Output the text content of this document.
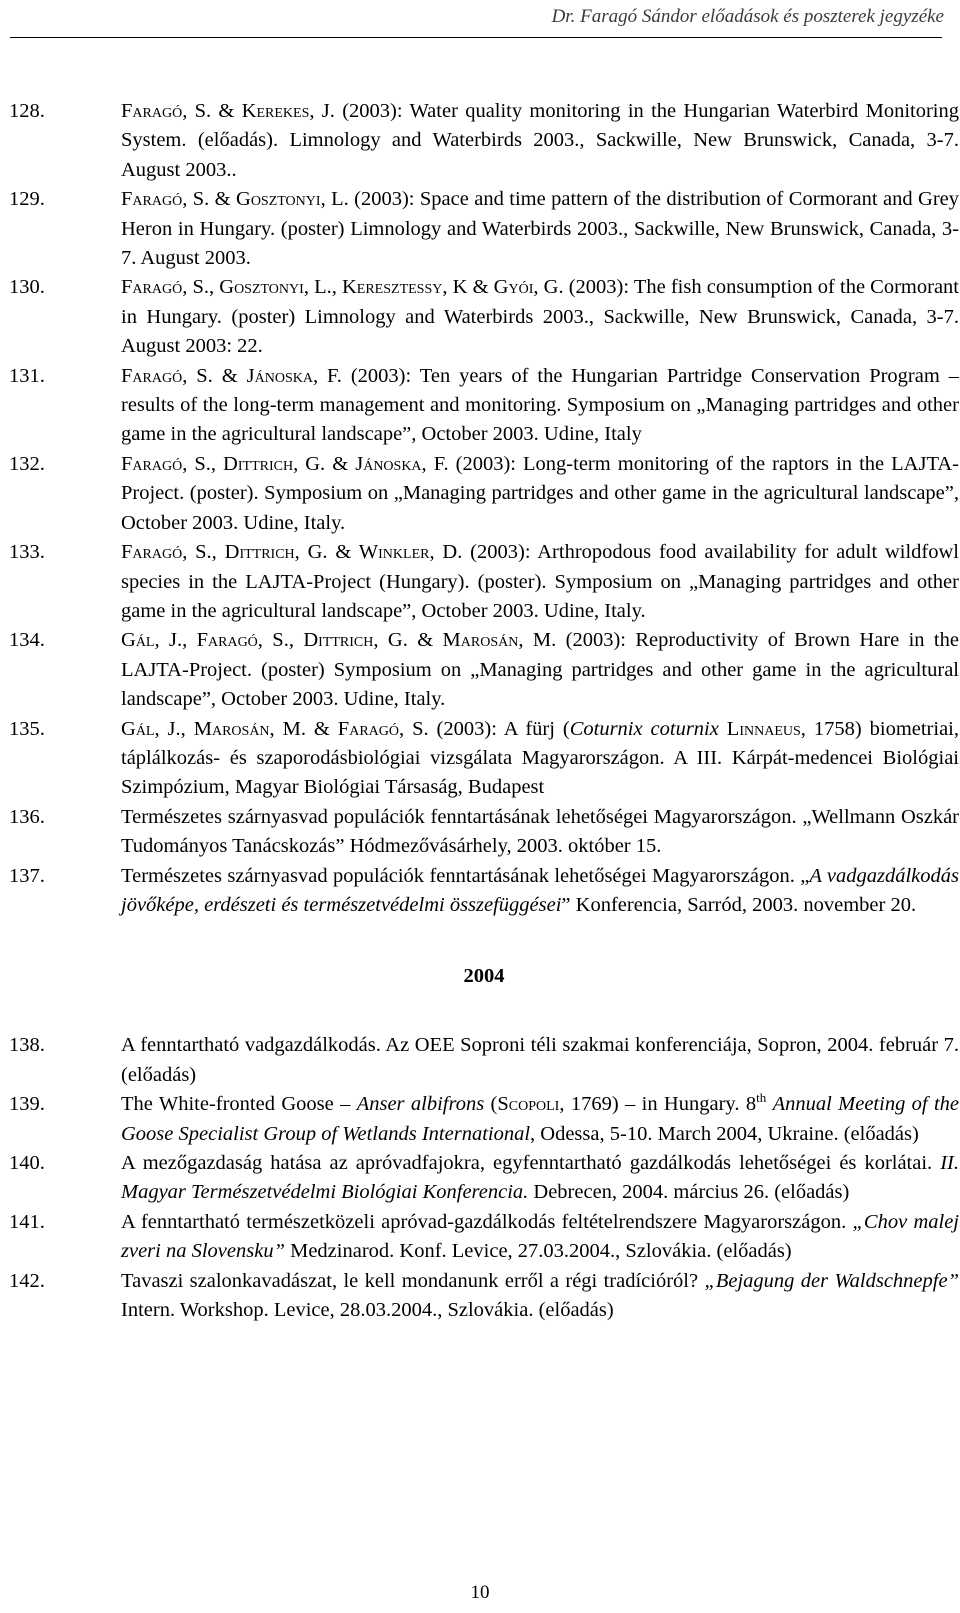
Dr. Faragó Sándor előadások és poszterek jegyzéke
128.	Faragó, S. & Kerekes, J. (2003): Water quality monitoring in the Hungarian Waterbird Monitoring System. (előadás). Limnology and Waterbirds 2003., Sackwille, New Brunswick, Canada, 3-7. August 2003..
129.	Faragó, S. & Gosztonyi, L. (2003): Space and time pattern of the distribution of Cormorant and Grey Heron in Hungary. (poster) Limnology and Waterbirds 2003., Sackwille, New Brunswick, Canada, 3-7. August 2003.
130.	Faragó, S., Gosztonyi, L., Keresztessy, K & Gyói, G. (2003): The fish consumption of the Cormorant in Hungary. (poster) Limnology and Waterbirds 2003., Sackwille, New Brunswick, Canada, 3-7. August 2003: 22.
131.	Faragó, S. & Jánoska, F. (2003): Ten years of the Hungarian Partridge Conservation Program – results of the long-term management and monitoring. Symposium on „Managing partridges and other game in the agricultural landscape”, October 2003. Udine, Italy
132.	Faragó, S., Dittrich, G. & Jánoska, F. (2003): Long-term monitoring of the raptors in the LAJTA-Project. (poster). Symposium on „Managing partridges and other game in the agricultural landscape”, October 2003. Udine, Italy.
133.	Faragó, S., Dittrich, G. & Winkler, D. (2003): Arthropodous food availability for adult wildfowl species in the LAJTA-Project (Hungary). (poster). Symposium on „Managing partridges and other game in the agricultural landscape”, October 2003. Udine, Italy.
134.	Gál, J., Faragó, S., Dittrich, G. & Marosán, M. (2003): Reproductivity of Brown Hare in the LAJTA-Project. (poster) Symposium on „Managing partridges and other game in the agricultural landscape”, October 2003. Udine, Italy.
135.	Gál, J., Marosán, M. & Faragó, S. (2003): A fürj (Coturnix coturnix Linnaeus, 1758) biometriai, táplálkozás- és szaporodásbiológiai vizsgálata Magyarországon. A III. Kárpát-medencei Biológiai Szimpózium, Magyar Biológiai Társaság, Budapest
136.	Természetes szárnyasvad populációk fenntartásának lehetőségei Magyarországon. „Wellmann Oszkár Tudományos Tanácskozás” Hódmezővásárhely, 2003. október 15.
137.	Természetes szárnyasvad populációk fenntartásának lehetőségei Magyarországon. „A vadgazdálkodás jövőképe, erdészeti és természetvédelmi összefüggései” Konferencia, Sarród, 2003. november 20.
2004
138.	A fenntartható vadgazdálkodás. Az OEE Soproni téli szakmai konferenciája, Sopron, 2004. február 7. (előadás)
139.	The White-fronted Goose – Anser albifrons (Scopoli, 1769) – in Hungary. 8th Annual Meeting of the Goose Specialist Group of Wetlands International, Odessa, 5-10. March 2004, Ukraine. (előadás)
140.	A mezőgazdaság hatása az apróvadfajokra, egyfenntartható gazdálkodás lehetőségei és korlátai. II. Magyar Természetvédelmi Biológiai Konferencia. Debrecen, 2004. március 26. (előadás)
141.	A fenntartható természetközeli apróvad-gazdálkodás feltételrendszere Magyarországon. „Chov malej zveri na Slovensku” Medzinarod. Konf. Levice, 27.03.2004., Szlovákia. (előadás)
142.	Tavaszi szalonkavadászat, le kell mondanunk erről a régi tradícióról? „Bejagung der Waldschnepfe” Intern. Workshop. Levice, 28.03.2004., Szlovákia. (előadás)
10
